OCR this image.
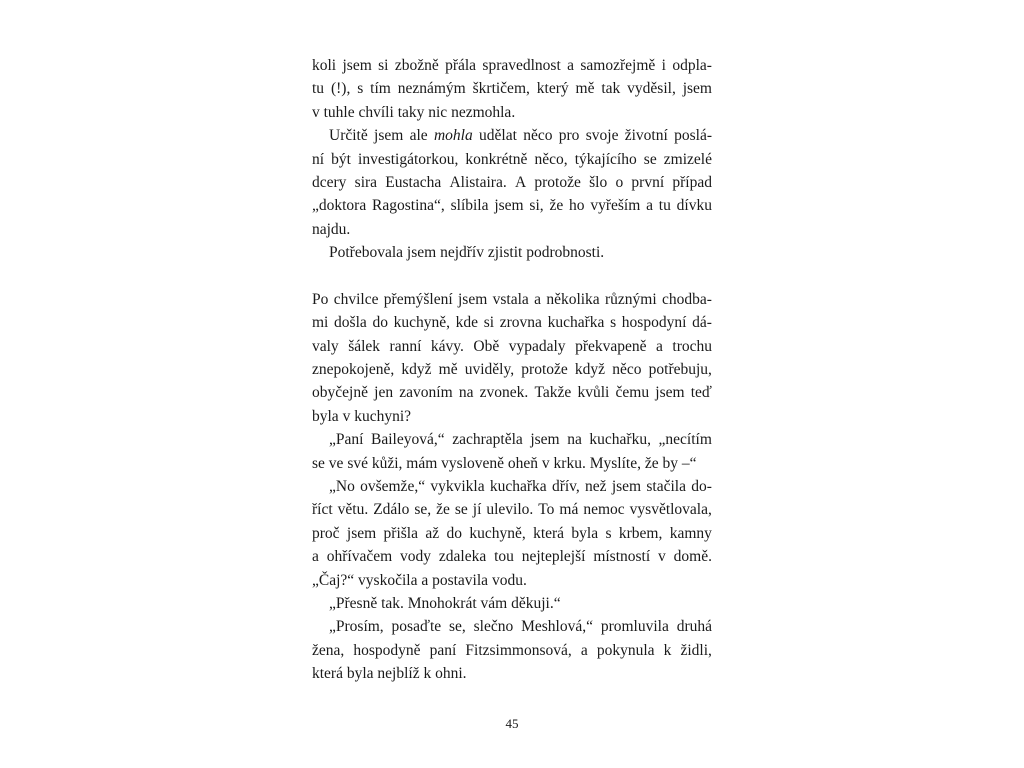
koli jsem si zbožně přála spravedlnost a samozřejmě i odpla-
tu (!), s tím neznámým škrtičem, který mě tak vyděsil, jsem
v tuhle chvíli taky nic nezmohla.
Určitě jsem ale mohla udělat něco pro svoje životní poslá-
ní být investigátorkou, konkrétně něco, týkajícího se zmizelé
dcery sira Eustacha Alistaira. A protože šlo o první případ
„doktora Ragostina“, slíbila jsem si, že ho vyřeším a tu dívku
najdu.
Potřebovala jsem nejdřív zjistit podrobnosti.
Po chvilce přemýšlení jsem vstala a několika různými chodba-
mi došla do kuchyně, kde si zrovna kuchařka s hospodyní dá-
valy šálek ranní kávy. Obě vypadaly překvapeně a trochu
znepokojeně, když mě uviděly, protože když něco potřebuju,
obyčejně jen zavoním na zvonek. Takže kvůli čemu jsem teď
byla v kuchyni?
„Paní Baileyová,“ zachraptěla jsem na kuchařku, „necítím
se ve své kůži, mám vysloveně oheň v krku. Myslíte, že by –“
„No ovšemže,“ vykvikla kuchařka dřív, než jsem stačila do-
říct větu. Zdálo se, že se jí ulevilo. To má nemoc vysvětlovala,
proč jsem přišla až do kuchyně, která byla s krbem, kamny
a ohřívačem vody zdaleka tou nejteplejší místností v domě.
„Čaj?“ vyskočila a postavila vodu.
„Přesně tak. Mnohokrát vám děkuji.“
„Prosím, posaďte se, slečno Meshlová,“ promluvila druhá
žena, hospodyně paní Fitzsimmonsová, a pokynula k židli,
která byla nejblíž k ohni.
45
